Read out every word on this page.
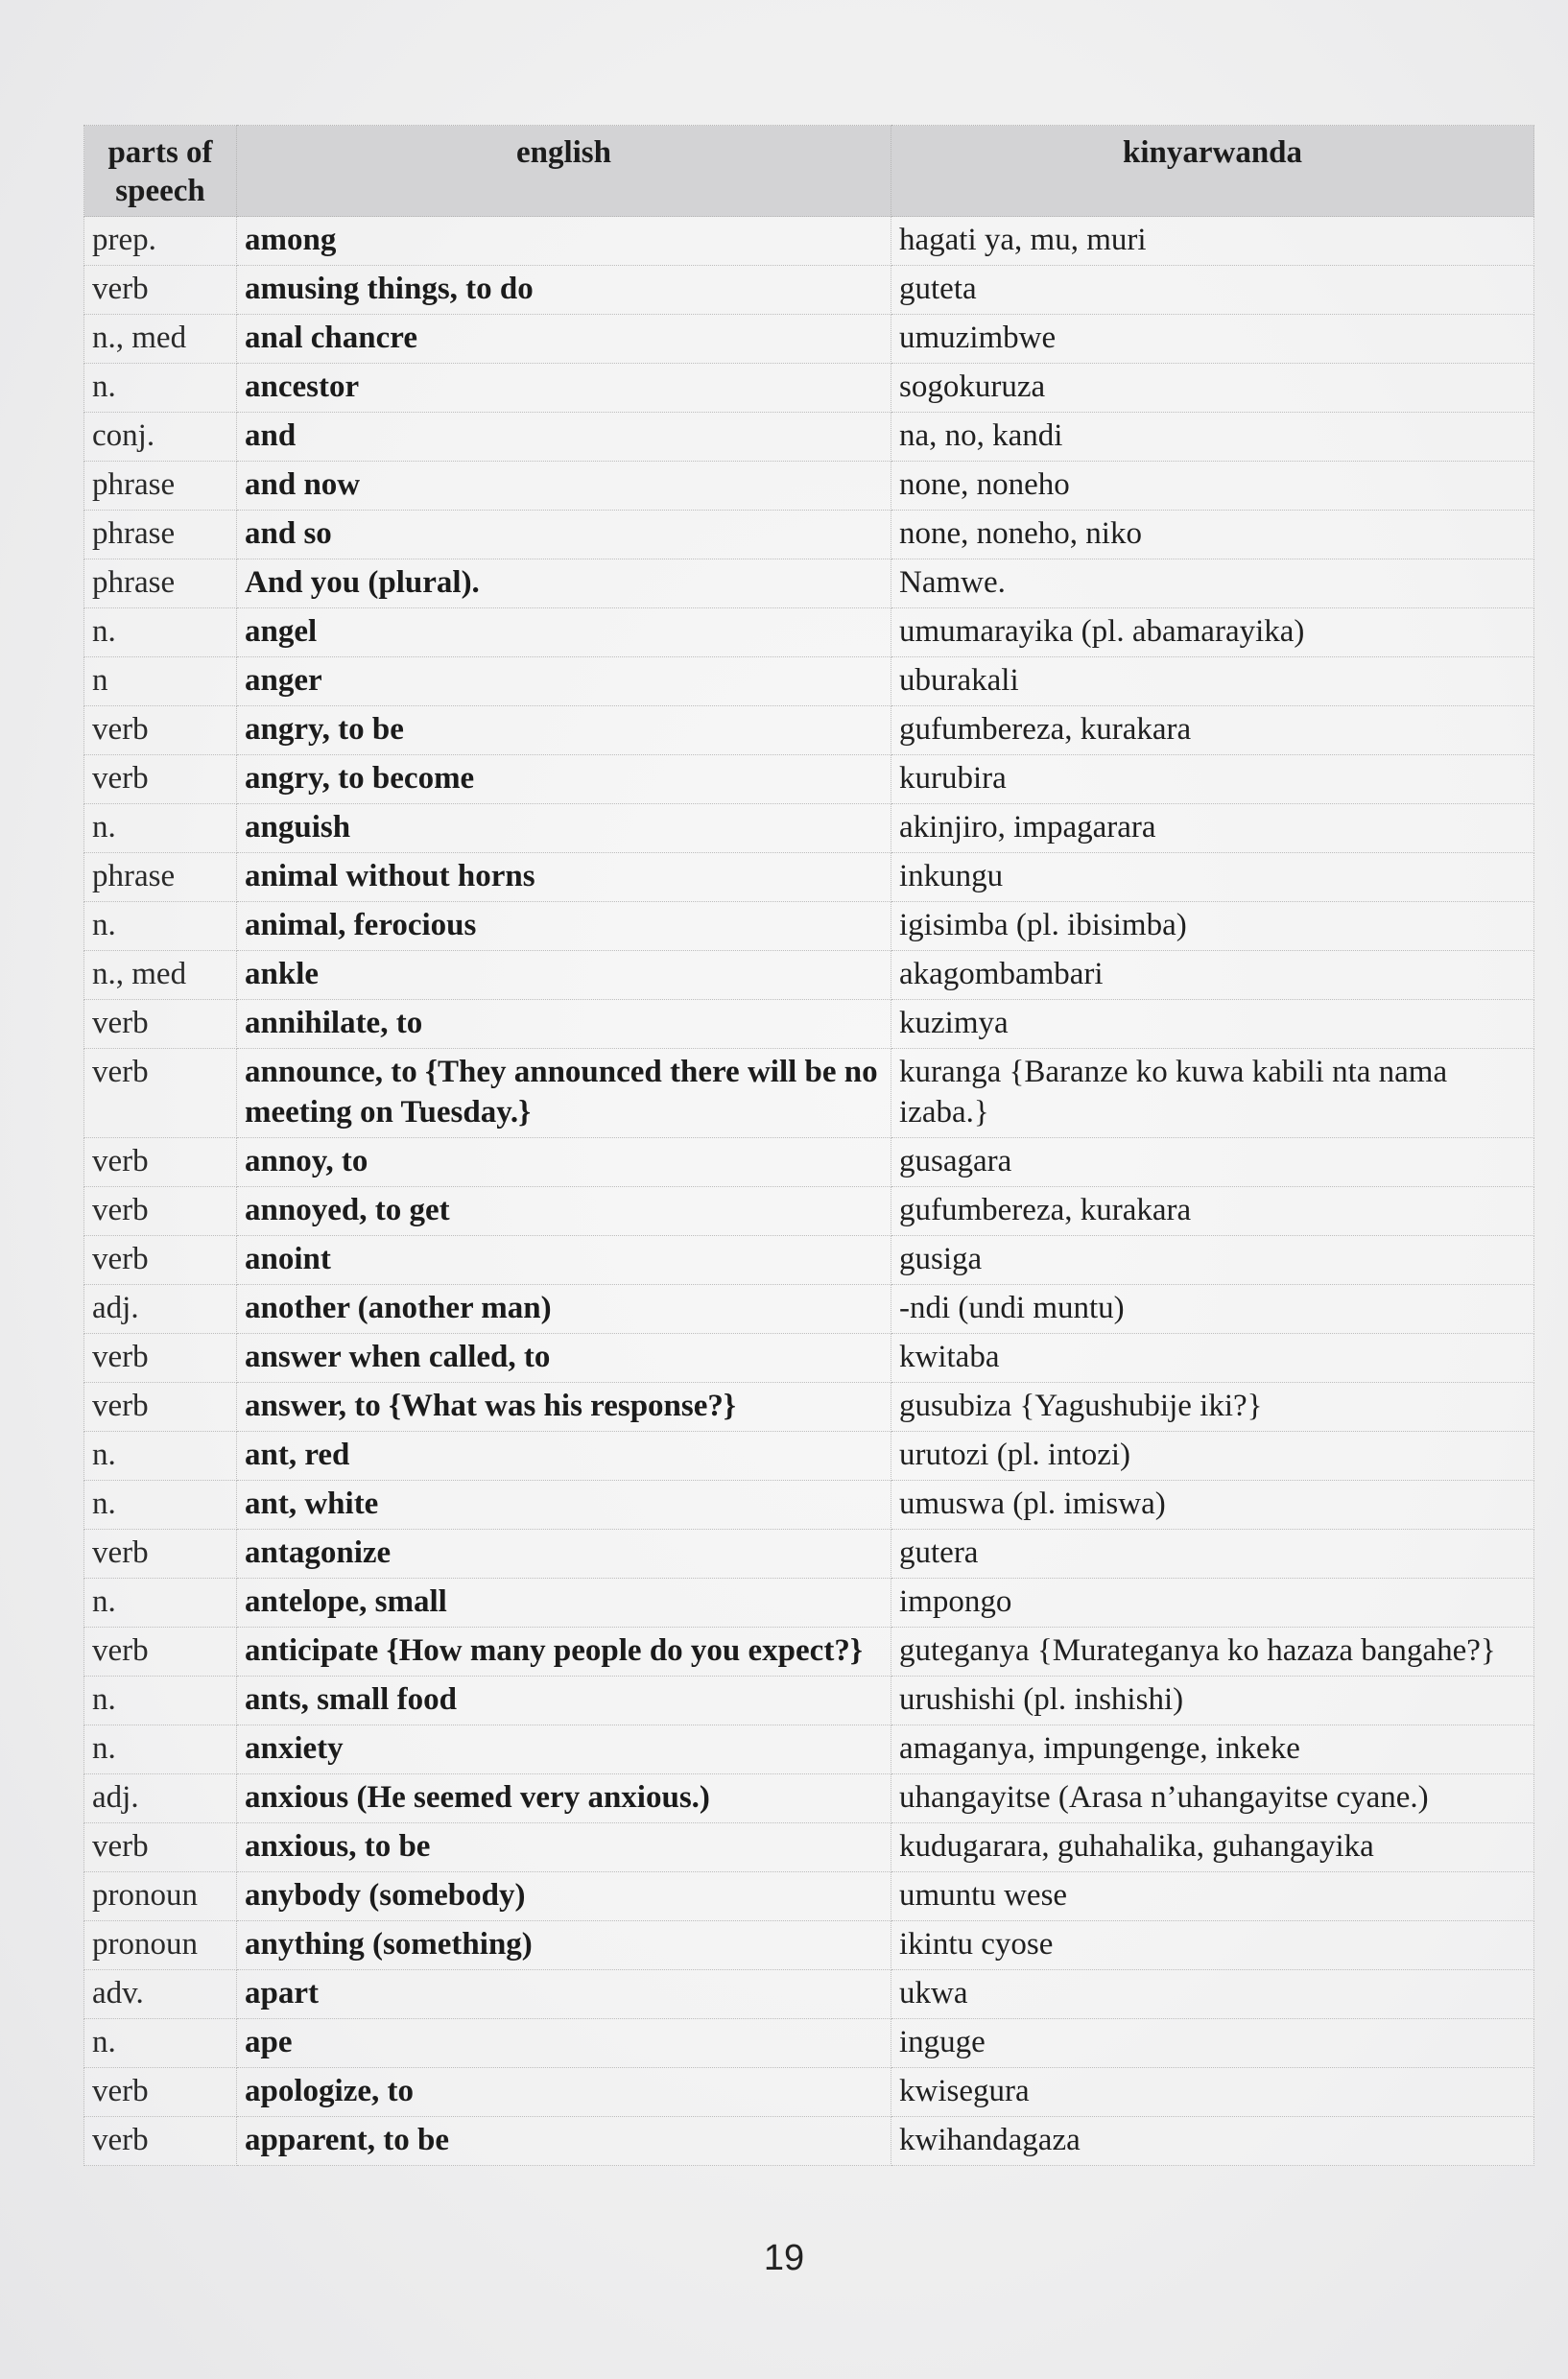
parts of speech	english	kinyarwanda
prep.	among	hagati ya, mu, muri
verb	amusing things, to do	guteta
n., med	anal chancre	umuzimbwe
n.	ancestor	sogokuruza
conj.	and	na, no, kandi
phrase	and now	none, noneho
phrase	and so	none, noneho, niko
phrase	And you (plural).	Namwe.
n.	angel	umumarayika (pl. abamarayika)
n	anger	uburakali
verb	angry, to be	gufumbereza, kurakara
verb	angry, to become	kurubira
n.	anguish	akinjiro, impagarara
phrase	animal without horns	inkungu
n.	animal, ferocious	igisimba (pl. ibisimba)
n., med	ankle	akagombambari
verb	annihilate, to	kuzimya
verb	announce, to {They announced there will be no meeting on Tuesday.}	kuranga {Baranze ko kuwa kabili nta nama izaba.}
verb	annoy, to	gusagara
verb	annoyed, to get	gufumbereza, kurakara
verb	anoint	gusiga
adj.	another (another man)	-ndi (undi muntu)
verb	answer when called, to	kwitaba
verb	answer, to {What was his response?}	gusubiza {Yagushubije iki?}
n.	ant, red	urutozi (pl. intozi)
n.	ant, white	umuswa (pl. imiswa)
verb	antagonize	gutera
n.	antelope, small	impongo
verb	anticipate {How many people do you expect?}	guteganya {Murateganya ko hazaza bangahe?}
n.	ants, small food	urushishi (pl. inshishi)
n.	anxiety	amaganya, impungenge, inkeke
adj.	anxious (He seemed very anxious.)	uhangayitse (Arasa n’uhangayitse cyane.)
verb	anxious, to be	kudugarara, guhahalika, guhangayika
pronoun	anybody (somebody)	umuntu wese
pronoun	anything (something)	ikintu cyose
adv.	apart	ukwa
n.	ape	inguge
verb	apologize, to	kwisegura
verb	apparent, to be	kwihandagaza
19
